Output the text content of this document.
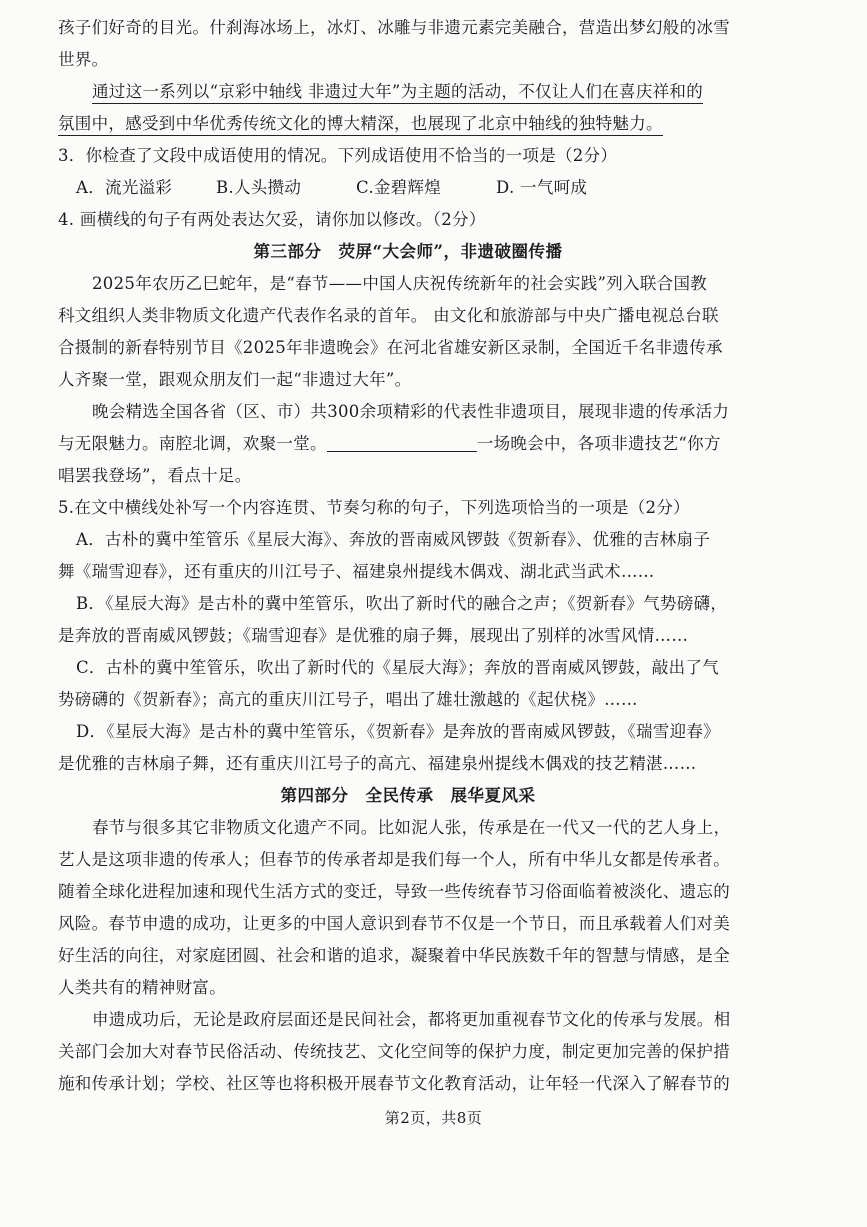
孩子们好奇的目光。什刹海冰场上，冰灯、冰雕与非遗元素完美融合，营造出梦幻般的冰雪
世界。
通过这一系列以“京彩中轴线 非遗过大年”为主题的活动，不仅让人们在喜庆祥和的
氛围中，感受到中华优秀传统文化的博大精深，也展现了北京中轴线的独特魅力。
3．你检查了文段中成语使用的情况。下列成语使用不恰当的一项是（2分）
A．流光溢彩	B.人头攒动	C.金碧辉煌	D. 一气呵成
4. 画横线的句子有两处表达欠妥，请你加以修改。（2分）
第三部分　荧屏“大会师”，非遗破圈传播
2025年农历乙巳蛇年，是“春节——中国人庆祝传统新年的社会实践”列入联合国教
科文组织人类非物质文化遗产代表作名录的首年。 由文化和旅游部与中央广播电视总台联
合摄制的新春特别节目《2025年非遗晚会》在河北省雄安新区录制，全国近千名非遗传承
人齐聚一堂，跟观众朋友们一起“非遗过大年”。
晚会精选全国各省（区、市）共300余项精彩的代表性非遗项目，展现非遗的传承活力
与无限魅力。南腔北调，欢聚一堂。	一场晚会中，各项非遗技艺“你方
唱罢我登场”，看点十足。
5.在文中横线处补写一个内容连贯、节奏匀称的句子，下列选项恰当的一项是（2分）
A．古朴的冀中笙管乐《星辰大海》、奔放的晋南威风锣鼓《贺新春》、优雅的吉林扇子
舞《瑞雪迎春》，还有重庆的川江号子、福建泉州提线木偶戏、湖北武当武术……
B．《星辰大海》是古朴的冀中笙管乐，吹出了新时代的融合之声；《贺新春》气势磅礴，
是奔放的晋南威风锣鼓；《瑞雪迎春》是优雅的扇子舞，展现出了别样的冰雪风情……
C．古朴的冀中笙管乐，吹出了新时代的《星辰大海》；奔放的晋南威风锣鼓，敲出了气
势磅礴的《贺新春》；高亢的重庆川江号子，唱出了雄壮激越的《起伏桡》……
D．《星辰大海》是古朴的冀中笙管乐，《贺新春》是奔放的晋南威风锣鼓，《瑞雪迎春》
是优雅的吉林扇子舞，还有重庆川江号子的高亢、福建泉州提线木偶戏的技艺精湛……
第四部分　全民传承　展华夏风采
春节与很多其它非物质文化遗产不同。比如泥人张，传承是在一代又一代的艺人身上，
艺人是这项非遗的传承人；但春节的传承者却是我们每一个人，所有中华儿女都是传承者。
随着全球化进程加速和现代生活方式的变迁，导致一些传统春节习俗面临着被淡化、遗忘的
风险。春节申遗的成功，让更多的中国人意识到春节不仅是一个节日，而且承载着人们对美
好生活的向往，对家庭团圆、社会和谐的追求，凝聚着中华民族数千年的智慧与情感，是全
人类共有的精神财富。
申遗成功后，无论是政府层面还是民间社会，都将更加重视春节文化的传承与发展。相
关部门会加大对春节民俗活动、传统技艺、文化空间等的保护力度，制定更加完善的保护措
施和传承计划；学校、社区等也将积极开展春节文化教育活动，让年轻一代深入了解春节的
第2页，共8页
